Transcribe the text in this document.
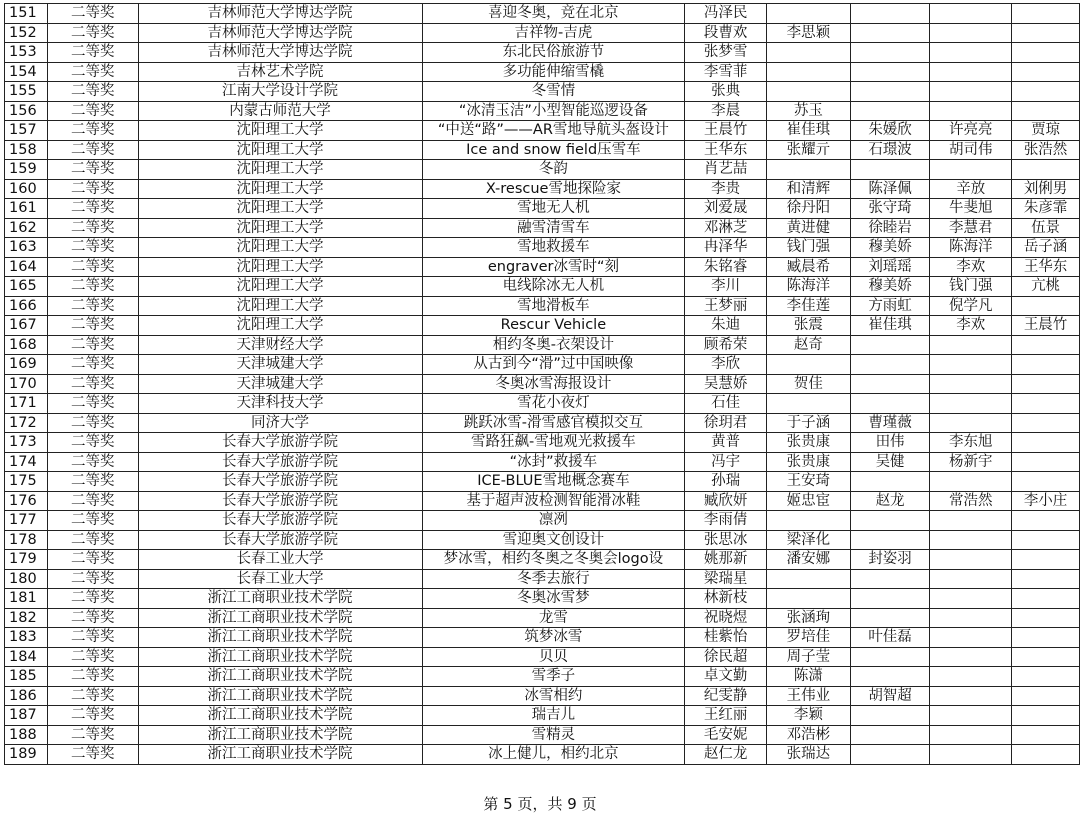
151	二等奖	吉林师范大学博达学院	喜迎冬奥，竞在北京	冯泽民				
152	二等奖	吉林师范大学博达学院	吉祥物-吉虎	段曹欢	李思颖			
153	二等奖	吉林师范大学博达学院	东北民俗旅游节	张梦雪				
154	二等奖	吉林艺术学院	多功能伸缩雪橇	李雪菲				
155	二等奖	江南大学设计学院	冬雪情	张典				
156	二等奖	内蒙古师范大学	“冰清玉洁”小型智能巡逻设备	李晨	苏玉			
157	二等奖	沈阳理工大学	“中送“路”——AR雪地导航头盔设计	王晨竹	崔佳琪	朱媛欣	许亮亮	贾琼
158	二等奖	沈阳理工大学	Ice and snow field压雪车	王华东	张耀亓	石璟波	胡司伟	张浩然
159	二等奖	沈阳理工大学	冬韵	肖艺喆				
160	二等奖	沈阳理工大学	X-rescue雪地探险家	李贵	和清辉	陈泽佩	辛放	刘俐男
161	二等奖	沈阳理工大学	雪地无人机	刘爱晟	徐丹阳	张守琦	牛斐旭	朱彦霏
162	二等奖	沈阳理工大学	融雪清雪车	邓淋芝	黄进健	徐睦岩	李慧君	伍景
163	二等奖	沈阳理工大学	雪地救援车	冉泽华	钱门强	穆美娇	陈海洋	岳子涵
164	二等奖	沈阳理工大学	engraver冰雪时“刻	朱铭睿	臧晨希	刘瑶瑶	李欢	王华东
165	二等奖	沈阳理工大学	电线除冰无人机	李川	陈海洋	穆美娇	钱门强	亢桃
166	二等奖	沈阳理工大学	雪地滑板车	王梦丽	李佳莲	方雨虹	倪学凡	
167	二等奖	沈阳理工大学	Rescur Vehicle	朱迪	张震	崔佳琪	李欢	王晨竹
168	二等奖	天津财经大学	相约冬奥-衣架设计	顾希荣	赵奇			
169	二等奖	天津城建大学	从古到今“滑”过中国映像	李欣				
170	二等奖	天津城建大学	冬奥冰雪海报设计	吴慧娇	贺佳			
171	二等奖	天津科技大学	雪花小夜灯	石佳				
172	二等奖	同济大学	跳跃冰雪-滑雪感官模拟交互	徐玥君	于子涵	曹瑾薇		
173	二等奖	长春大学旅游学院	雪路狂飙-雪地观光救援车	黄普	张贵康	田伟	李东旭	
174	二等奖	长春大学旅游学院	“冰封”救援车	冯宇	张贵康	吴健	杨新宇	
175	二等奖	长春大学旅游学院	ICE-BLUE雪地概念赛车	孙瑞	王安琦			
176	二等奖	长春大学旅游学院	基于超声波检测智能滑冰鞋	臧欣妍	姬忠宦	赵龙	常浩然	李小庄
177	二等奖	长春大学旅游学院	凛冽	李雨倩				
178	二等奖	长春大学旅游学院	雪迎奥文创设计	张思冰	梁泽化			
179	二等奖	长春工业大学	梦冰雪，相约冬奥之冬奥会logo设	姚那新	潘安娜	封姿羽		
180	二等奖	长春工业大学	冬季去旅行	梁瑞星				
181	二等奖	浙江工商职业技术学院	冬奥冰雪梦	林新枝				
182	二等奖	浙江工商职业技术学院	龙雪	祝晓煜	张涵珣			
183	二等奖	浙江工商职业技术学院	筑梦冰雪	桂紫怡	罗培佳	叶佳磊		
184	二等奖	浙江工商职业技术学院	贝贝	徐民超	周子莹			
185	二等奖	浙江工商职业技术学院	雪季子	卓文勤	陈潇			
186	二等奖	浙江工商职业技术学院	冰雪相约	纪雯静	王伟业	胡智超		
187	二等奖	浙江工商职业技术学院	瑞吉儿	王红丽	李颖			
188	二等奖	浙江工商职业技术学院	雪精灵	毛安妮	邓浩彬			
189	二等奖	浙江工商职业技术学院	冰上健儿，相约北京	赵仁龙	张瑞达			
第 5 页，共 9 页
